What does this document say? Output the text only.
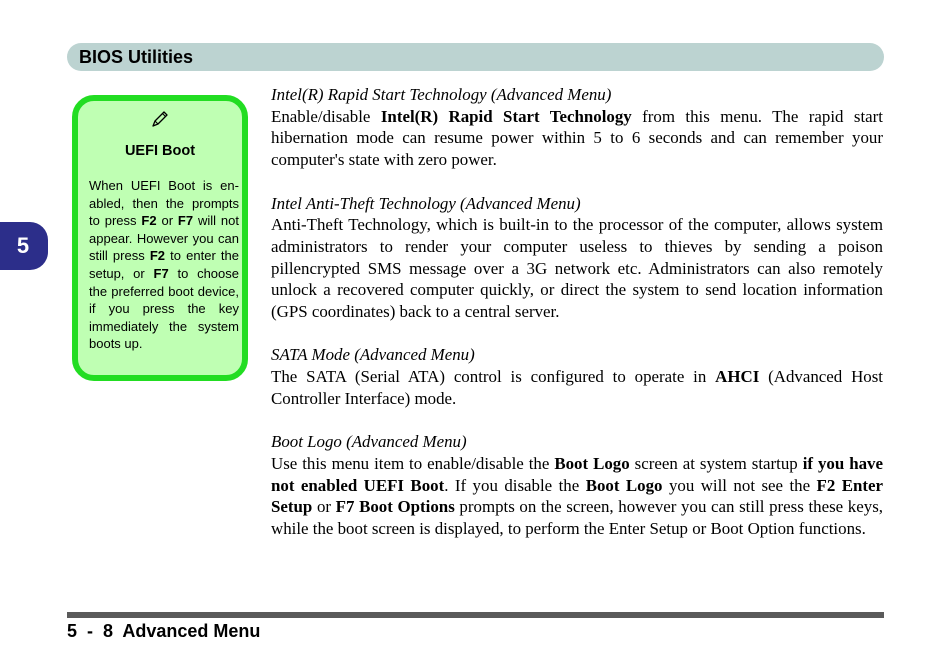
BIOS Utilities
5
UEFI Boot
When UEFI Boot is enabled, then the prompts to press F2 or F7 will not appear. However you can still press F2 to enter the setup, or F7 to choose the preferred boot device, if you press the key immediately the system boots up.

Intel(R) Rapid Start Technology (Advanced Menu)

Enable/disable Intel(R) Rapid Start Technology from this menu. The rapid start hibernation mode can resume power within 5 to 6 seconds and can remember your computer's state with zero power.

Intel Anti-Theft Technology (Advanced Menu)

Anti-Theft Technology, which is built-in to the processor of the computer, allows system administrators to render your computer useless to thieves by sending a poison pillencrypted SMS message over a 3G network etc. Administrators can also remotely unlock a recovered computer quickly, or direct the system to send location information (GPS coordinates) back to a central server.

SATA Mode (Advanced Menu)

The SATA (Serial ATA) control is configured to operate in AHCI (Advanced Host Controller Interface) mode.

Boot Logo (Advanced Menu)

Use this menu item to enable/disable the Boot Logo screen at system startup if you have not enabled UEFI Boot. If you disable the Boot Logo you will not see the F2 Enter Setup or F7 Boot Options prompts on the screen, however you can still press these keys, while the boot screen is displayed, to perform the Enter Setup or Boot Option functions.

5  -  8  Advanced Menu
